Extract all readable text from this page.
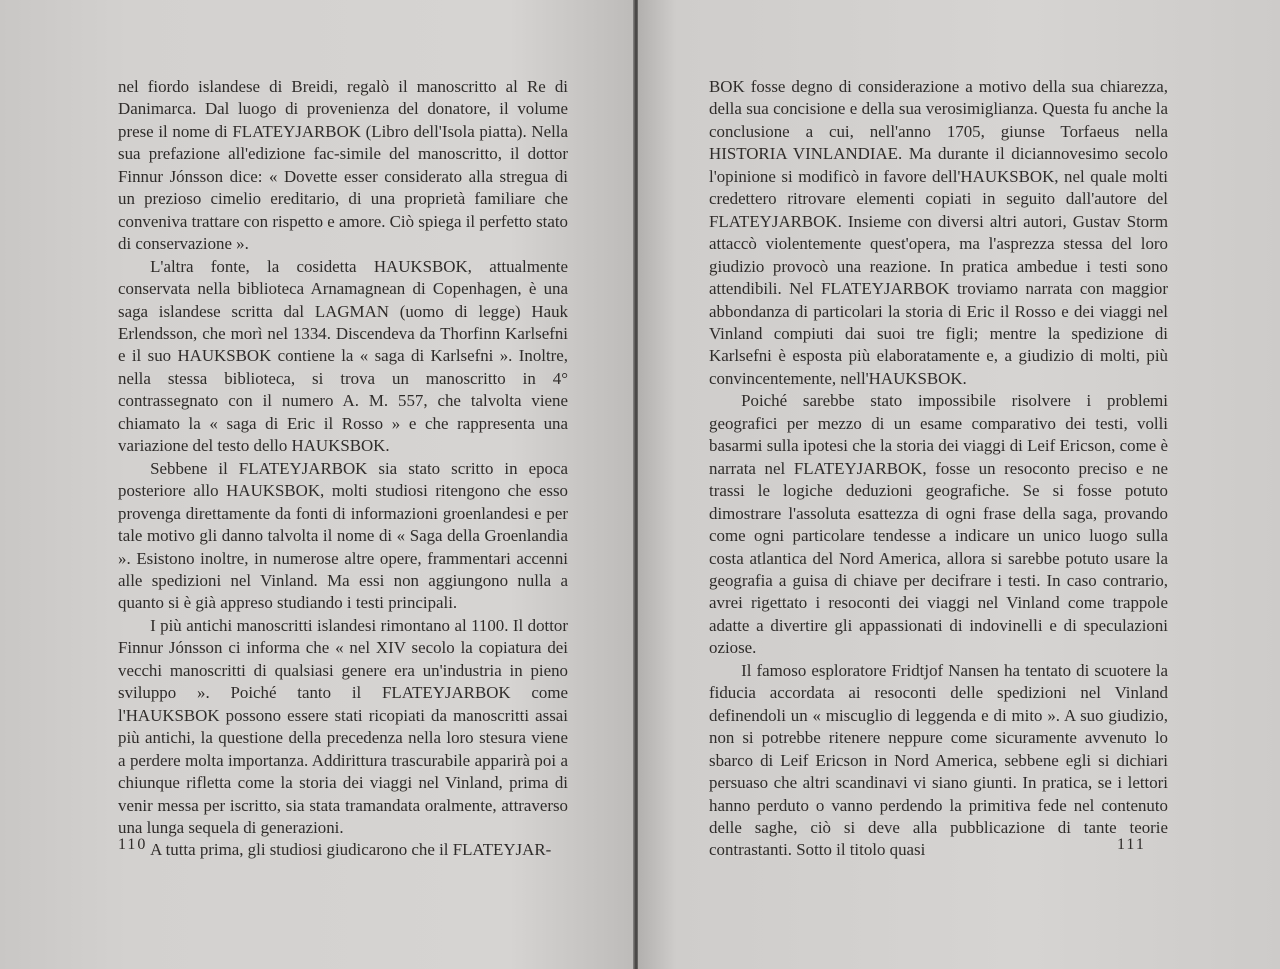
nel fiordo islandese di Breidi, regalò il manoscritto al Re di Danimarca. Dal luogo di provenienza del donatore, il volume prese il nome di FLATEYJARBOK (Libro dell'Isola piatta). Nella sua prefazione all'edizione fac-simile del manoscritto, il dottor Finnur Jónsson dice: « Dovette esser considerato alla stregua di un prezioso cimelio ereditario, di una proprietà familiare che conveniva trattare con rispetto e amore. Ciò spiega il perfetto stato di conservazione ».

L'altra fonte, la cosidetta HAUKSBOK, attualmente conservata nella biblioteca Arnamagnean di Copenhagen, è una saga islandese scritta dal LAGMAN (uomo di legge) Hauk Erlendsson, che morì nel 1334. Discendeva da Thorfinn Karlsefni e il suo HAUKSBOK contiene la « saga di Karlsefni ». Inoltre, nella stessa biblioteca, si trova un manoscritto in 4° contrassegnato con il numero A. M. 557, che talvolta viene chiamato la « saga di Eric il Rosso » e che rappresenta una variazione del testo dello HAUKSBOK.

Sebbene il FLATEYJARBOK sia stato scritto in epoca posteriore allo HAUKSBOK, molti studiosi ritengono che esso provenga direttamente da fonti di informazioni groenlandesi e per tale motivo gli danno talvolta il nome di « Saga della Groenlandia ». Esistono inoltre, in numerose altre opere, frammentari accenni alle spedizioni nel Vinland. Ma essi non aggiungono nulla a quanto si è già appreso studiando i testi principali.

I più antichi manoscritti islandesi rimontano al 1100. Il dottor Finnur Jónsson ci informa che « nel XIV secolo la copiatura dei vecchi manoscritti di qualsiasi genere era un'industria in pieno sviluppo ». Poiché tanto il FLATEYJARBOK come l'HAUKSBOK possono essere stati ricopiati da manoscritti assai più antichi, la questione della precedenza nella loro stesura viene a perdere molta importanza. Addirittura trascurabile apparirà poi a chiunque rifletta come la storia dei viaggi nel Vinland, prima di venir messa per iscritto, sia stata tramandata oralmente, attraverso una lunga sequela di generazioni.

A tutta prima, gli studiosi giudicarono che il FLATEYJAR-

110

BOK fosse degno di considerazione a motivo della sua chiarezza, della sua concisione e della sua verosimiglianza. Questa fu anche la conclusione a cui, nell'anno 1705, giunse Torfaeus nella HISTORIA VINLANDIAE. Ma durante il diciannovesimo secolo l'opinione si modificò in favore dell'HAUKSBOK, nel quale molti credettero ritrovare elementi copiati in seguito dall'autore del FLATEYJARBOK. Insieme con diversi altri autori, Gustav Storm attaccò violentemente quest'opera, ma l'asprezza stessa del loro giudizio provocò una reazione. In pratica ambedue i testi sono attendibili. Nel FLATEYJARBOK troviamo narrata con maggior abbondanza di particolari la storia di Eric il Rosso e dei viaggi nel Vinland compiuti dai suoi tre figli; mentre la spedizione di Karlsefni è esposta più elaboratamente e, a giudizio di molti, più convincentemente, nell'HAUKSBOK.

Poiché sarebbe stato impossibile risolvere i problemi geografici per mezzo di un esame comparativo dei testi, volli basarmi sulla ipotesi che la storia dei viaggi di Leif Ericson, come è narrata nel FLATEYJARBOK, fosse un resoconto preciso e ne trassi le logiche deduzioni geografiche. Se si fosse potuto dimostrare l'assoluta esattezza di ogni frase della saga, provando come ogni particolare tendesse a indicare un unico luogo sulla costa atlantica del Nord America, allora si sarebbe potuto usare la geografia a guisa di chiave per decifrare i testi. In caso contrario, avrei rigettato i resoconti dei viaggi nel Vinland come trappole adatte a divertire gli appassionati di indovinelli e di speculazioni oziose.

Il famoso esploratore Fridtjof Nansen ha tentato di scuotere la fiducia accordata ai resoconti delle spedizioni nel Vinland definendoli un « miscuglio di leggenda e di mito ». A suo giudizio, non si potrebbe ritenere neppure come sicuramente avvenuto lo sbarco di Leif Ericson in Nord America, sebbene egli si dichiari persuaso che altri scandinavi vi siano giunti. In pratica, se i lettori hanno perduto o vanno perdendo la primitiva fede nel contenuto delle saghe, ciò si deve alla pubblicazione di tante teorie contrastanti. Sotto il titolo quasi	111
